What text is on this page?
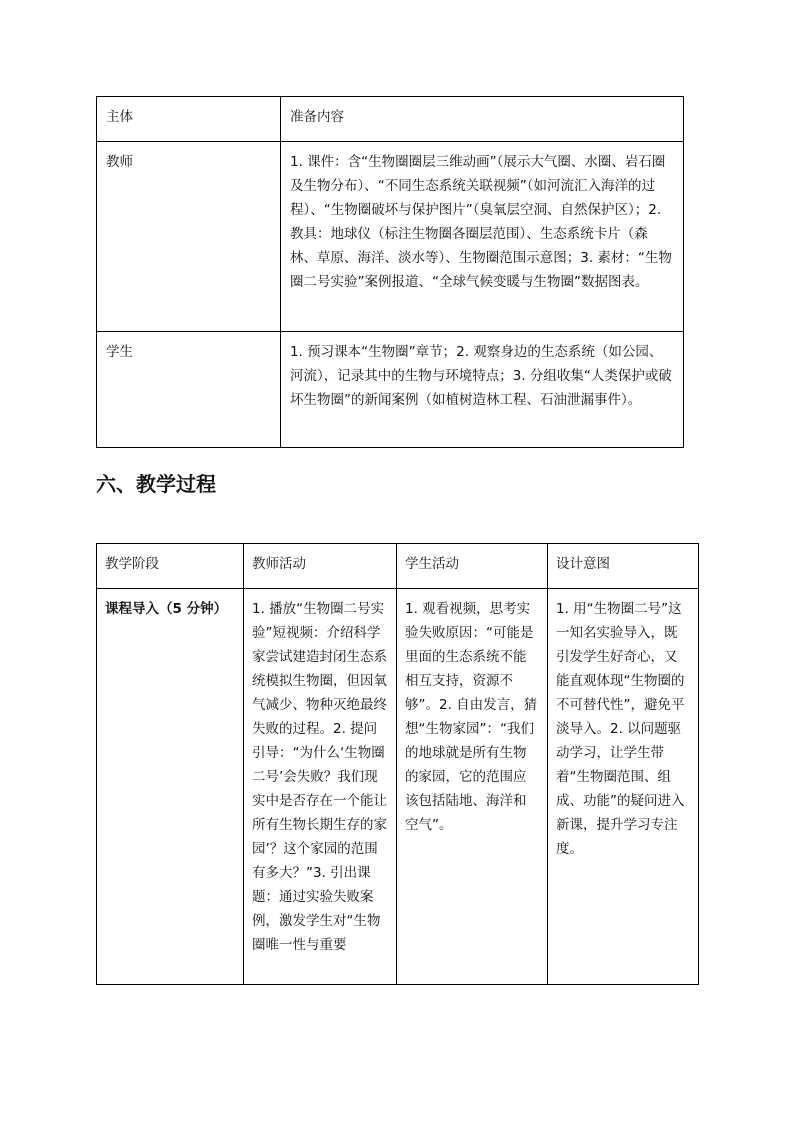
主体	准备内容
教师	1. 课件：含“生物圈圈层三维动画”（展示大气圈、水圈、岩石圈及生物分布）、“不同生态系统关联视频”（如河流汇入海洋的过程）、“生物圈破坏与保护图片”（臭氧层空洞、自然保护区）；2. 教具：地球仪（标注生物圈各圈层范围）、生态系统卡片（森林、草原、海洋、淡水等）、生物圈范围示意图；3. 素材：“生物圈二号实验”案例报道、“全球气候变暖与生物圈”数据图表。
学生	1. 预习课本“生物圈”章节；2. 观察身边的生态系统（如公园、河流），记录其中的生物与环境特点；3. 分组收集“人类保护或破坏生物圈”的新闻案例（如植树造林工程、石油泄漏事件）。
六、教学过程
教学阶段	教师活动	学生活动	设计意图
课程导入（5 分钟）	1. 播放“生物圈二号实验”短视频：介绍科学家尝试建造封闭生态系统模拟生物圈，但因氧气减少、物种灭绝最终失败的过程。2. 提问引导：“为什么‘生物圈二号’会失败？我们现实中是否存在一个能让所有生物长期生存的家园’？这个家园的范围有多大？”3. 引出课题：通过实验失败案例，激发学生对“生物圈唯一性与重要	1. 观看视频，思考实验失败原因：“可能是里面的生态系统不能相互支持，资源不够”。2. 自由发言，猜想“生物家园”：“我们的地球就是所有生物的家园，它的范围应该包括陆地、海洋和空气”。	1. 用“生物圈二号”这一知名实验导入，既引发学生好奇心，又能直观体现“生物圈的不可替代性”，避免平淡导入。2. 以问题驱动学习，让学生带着“生物圈范围、组成、功能”的疑问进入新课，提升学习专注度。
